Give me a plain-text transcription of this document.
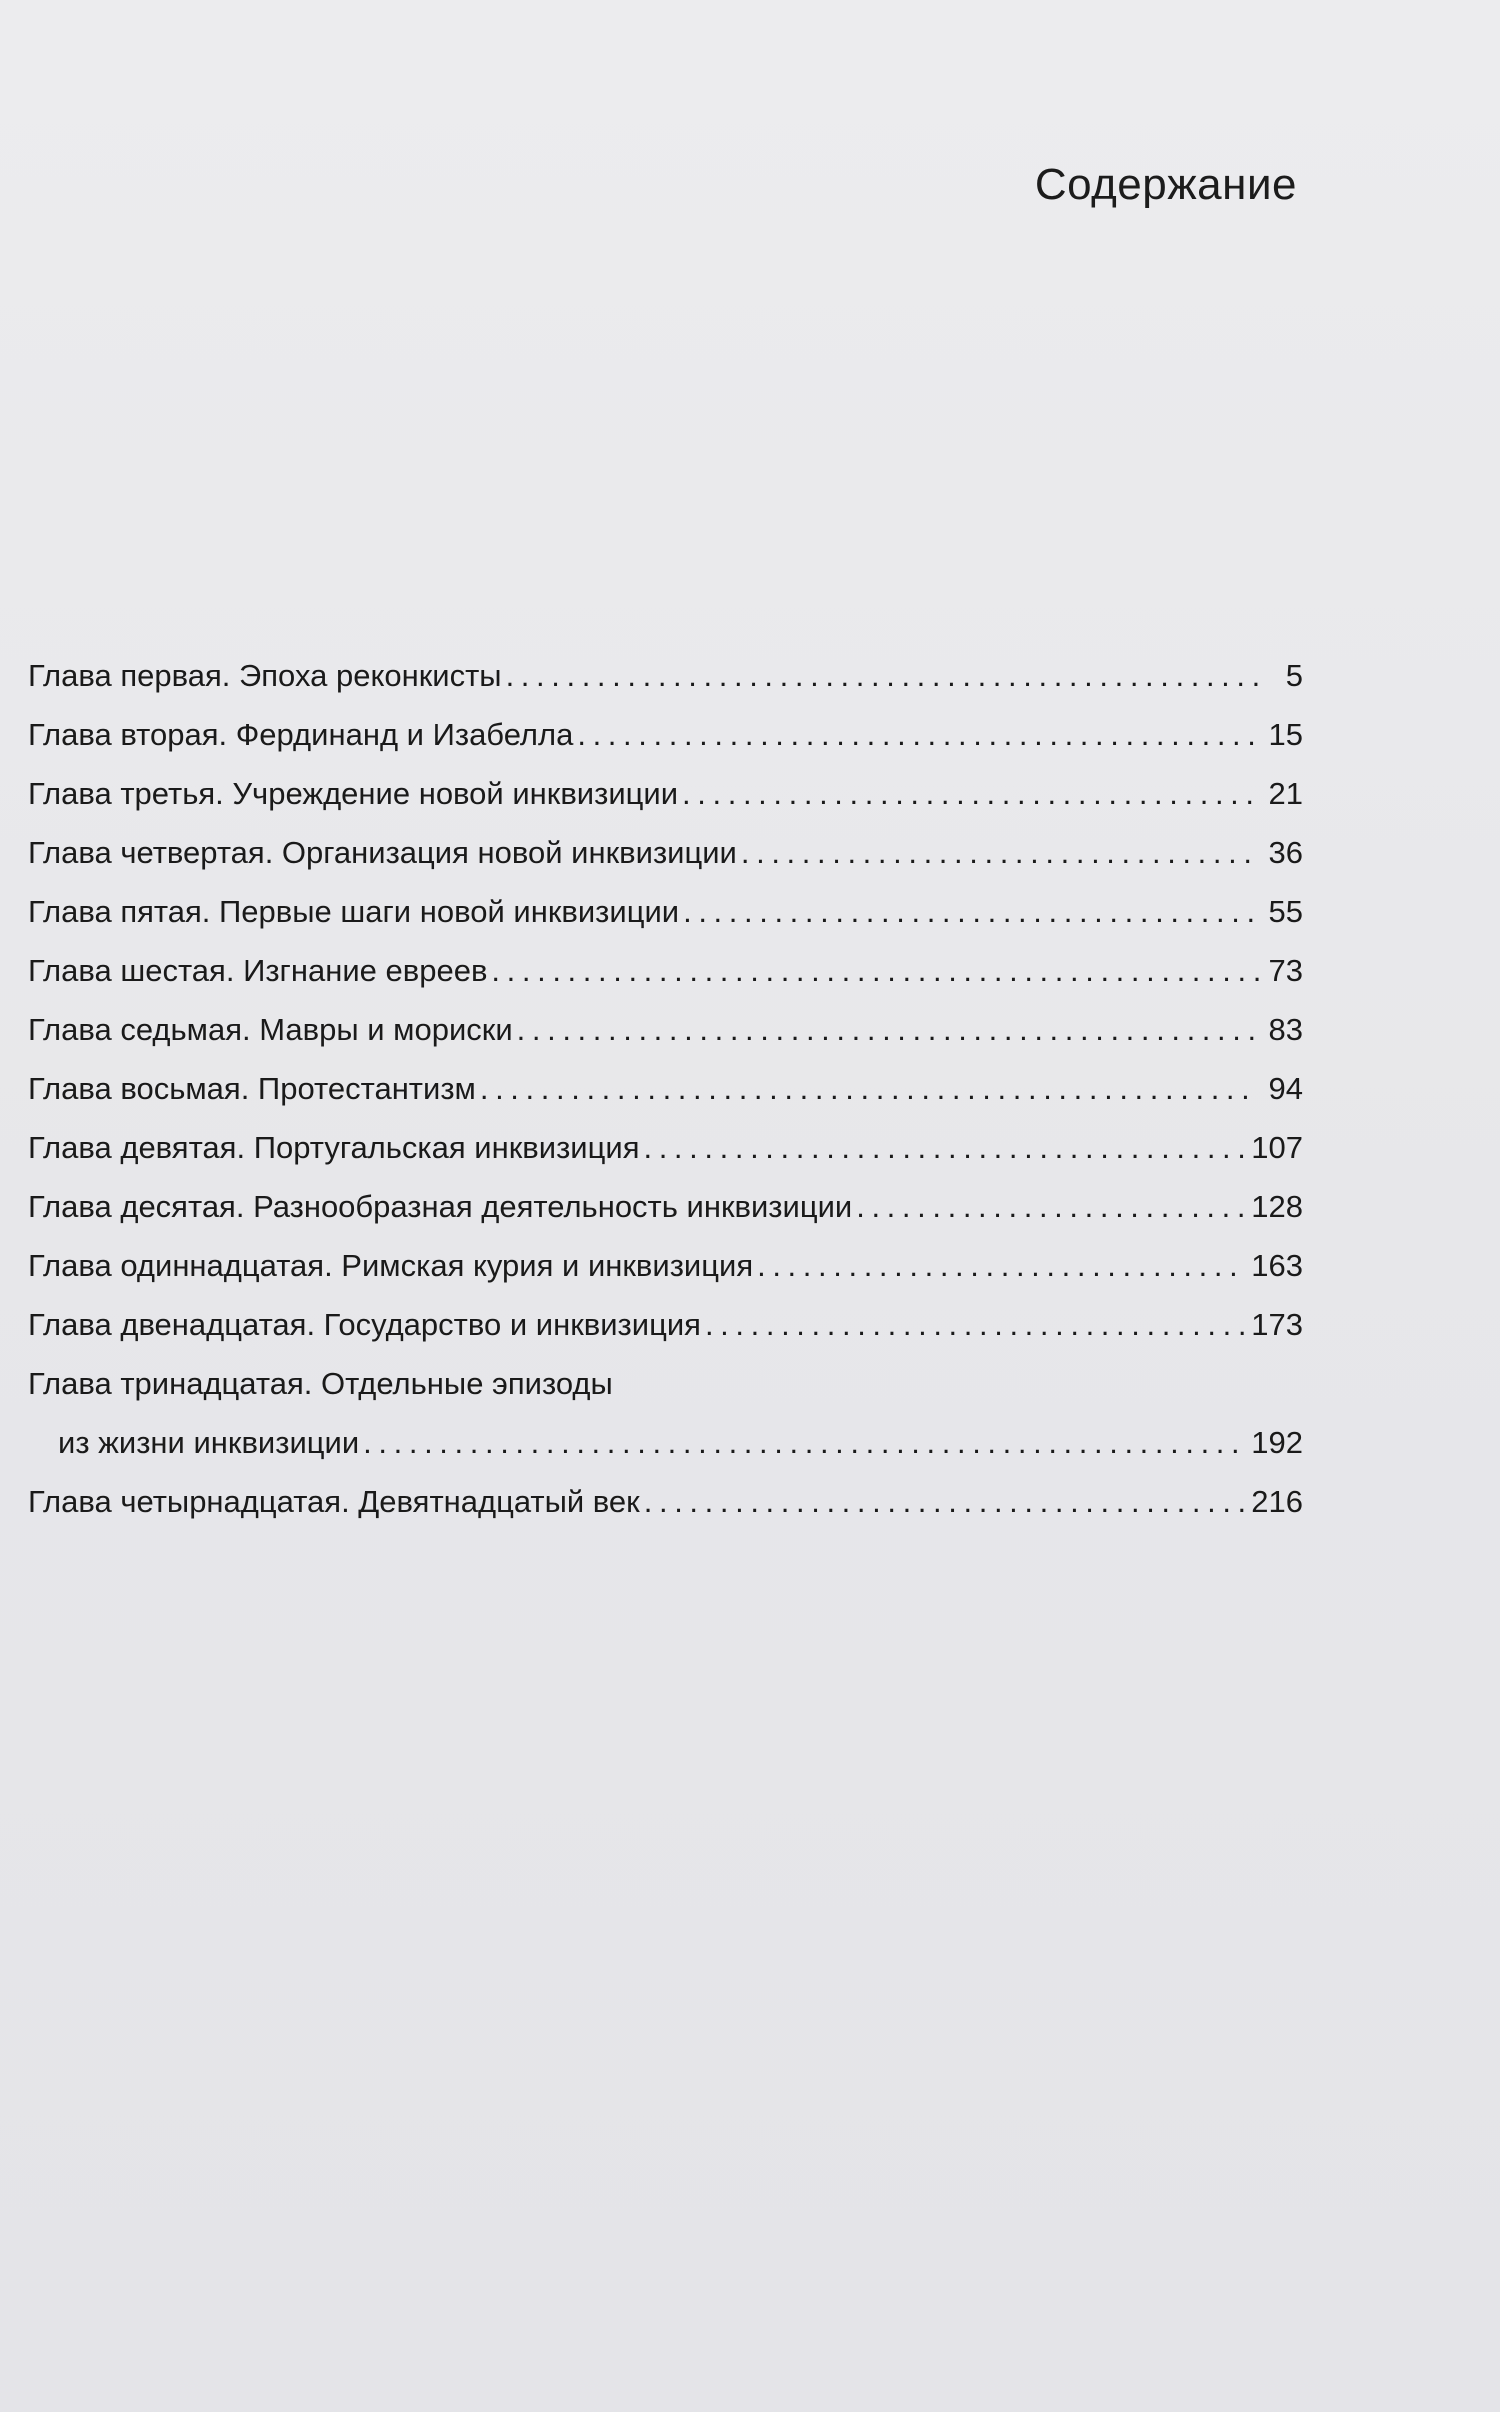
Содержание
Глава первая. Эпоха реконкисты . . .	5
Глава вторая. Фердинанд и Изабелла . . .	15
Глава третья. Учреждение новой инквизиции . . .	21
Глава четвертая. Организация новой инквизиции . . .	36
Глава пятая. Первые шаги новой инквизиции . . .	55
Глава шестая. Изгнание евреев . . .	73
Глава седьмая. Мавры и мориски . . .	83
Глава восьмая. Протестантизм . . .	94
Глава девятая. Португальская инквизиция . . .	107
Глава десятая. Разнообразная деятельность инквизиции . . .	128
Глава одиннадцатая. Римская курия и инквизиция . . .	163
Глава двенадцатая. Государство и инквизиция . . .	173
Глава тринадцатая. Отдельные эпизоды
из жизни инквизиции . . .	192
Глава четырнадцатая. Девятнадцатый век . . .	216
